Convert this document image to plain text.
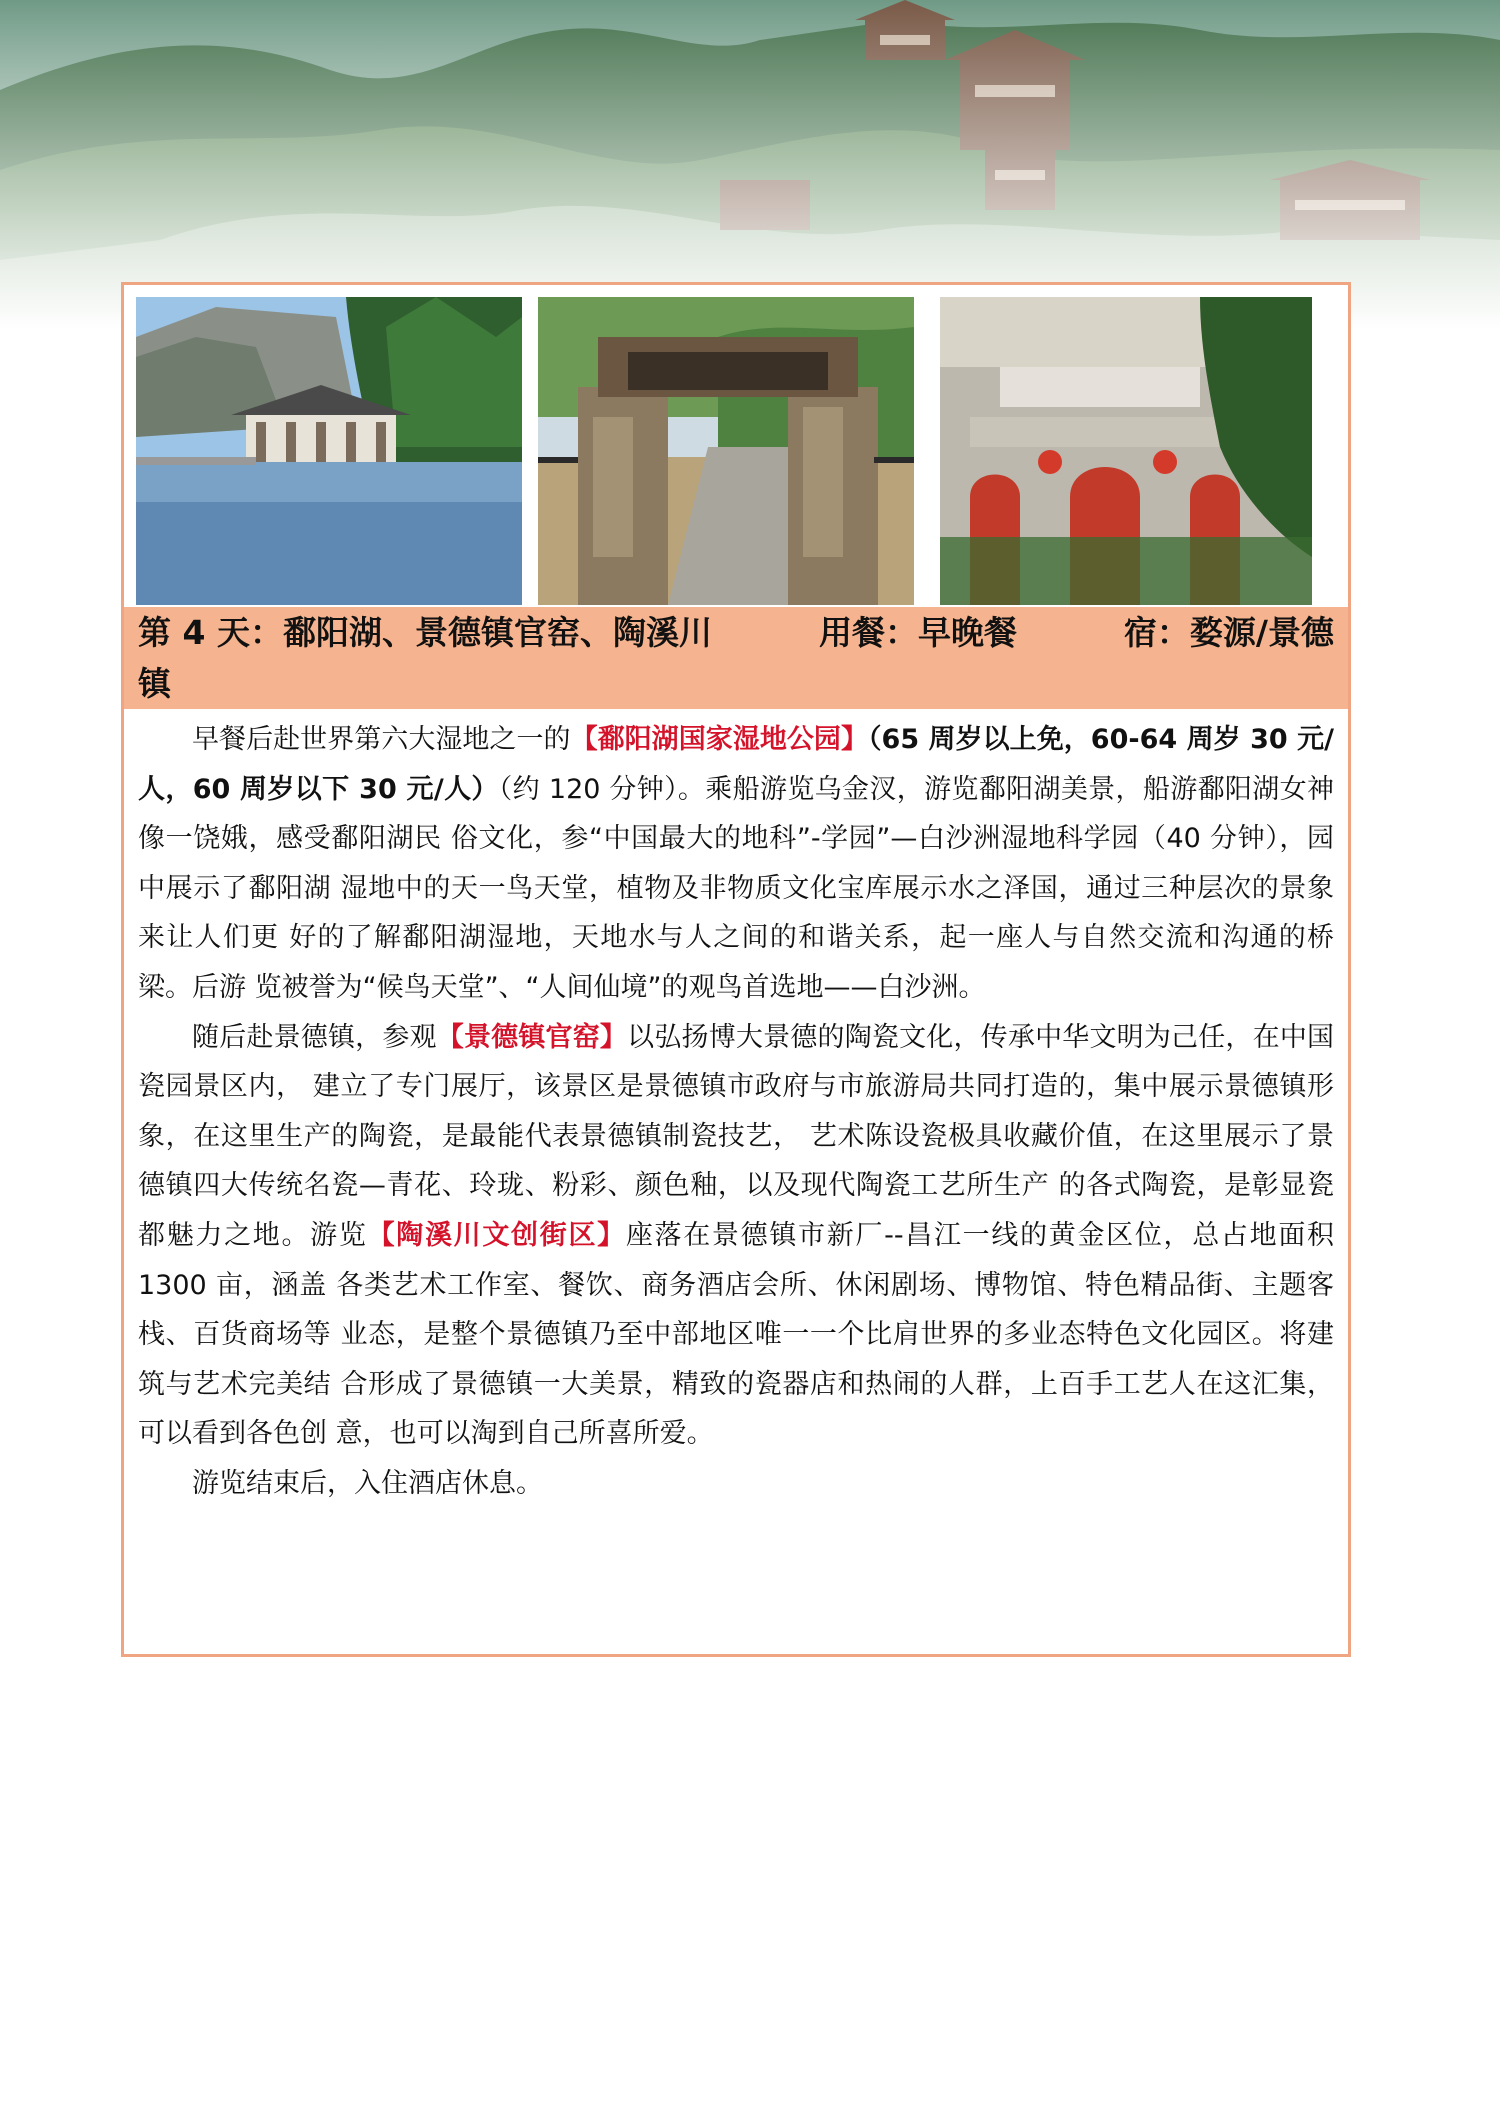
第 4 天：鄱阳湖、景德镇官窑、陶溪川	用餐：早晚餐	宿：婺源/景德
镇

早餐后赴世界第六大湿地之一的【鄱阳湖国家湿地公园】（65 周岁以上免，60-64 周岁 30 元/人，60 周岁以下 30 元/人）（约 120 分钟）。乘船游览乌金汊，游览鄱阳湖美景，船游鄱阳湖女神像一饶娥，感受鄱阳湖民 俗文化，参“中国最大的地科”-学园”—白沙洲湿地科学园（40 分钟），园中展示了鄱阳湖 湿地中的天一鸟天堂，植物及非物质文化宝库展示水之泽国，通过三种层次的景象来让人们更 好的了解鄱阳湖湿地，天地水与人之间的和谐关系，起一座人与自然交流和沟通的桥梁。后游 览被誉为“候鸟天堂”、“人间仙境”的观鸟首选地——白沙洲。

随后赴景德镇，参观【景德镇官窑】以弘扬博大景德的陶瓷文化，传承中华文明为己任，在中国瓷园景区内， 建立了专门展厅，该景区是景德镇市政府与市旅游局共同打造的，集中展示景德镇形象，在这里生产的陶瓷，是最能代表景德镇制瓷技艺， 艺术陈设瓷极具收藏价值，在这里展示了景德镇四大传统名瓷—青花、玲珑、粉彩、颜色釉，以及现代陶瓷工艺所生产 的各式陶瓷，是彰显瓷都魅力之地。游览【陶溪川文创街区】座落在景德镇市新厂--昌江一线的黄金区位，总占地面积 1300 亩，涵盖 各类艺术工作室、餐饮、商务酒店会所、休闲剧场、博物馆、特色精品街、主题客栈、百货商场等 业态，是整个景德镇乃至中部地区唯一一个比肩世界的多业态特色文化园区。将建筑与艺术完美结 合形成了景德镇一大美景，精致的瓷器店和热闹的人群，上百手工艺人在这汇集，可以看到各色创 意，也可以淘到自己所喜所爱。

游览结束后，入住酒店休息。
